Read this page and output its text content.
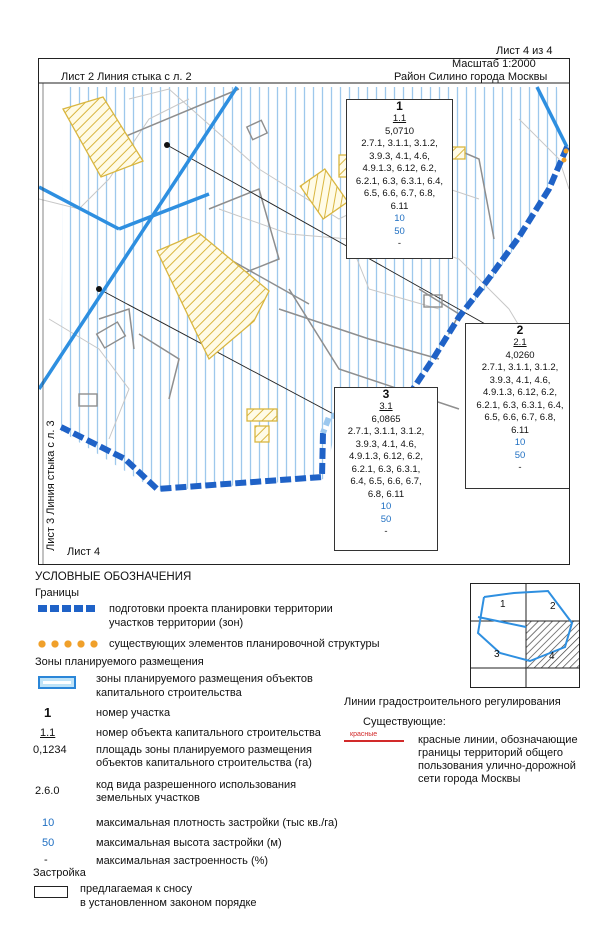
Лист 4 из 4
Масштаб 1:2000
Район Силино города Москвы
Лист 2 Линия стыка с л. 2
Лист 3 Линия стыка с л. 3
Лист 4
1
1.1
5,0710
2.7.1, 3.1.1, 3.1.2,
3.9.3, 4.1, 4.6,
4.9.1.3, 6.12, 6.2,
6.2.1, 6.3, 6.3.1, 6.4,
6.5, 6.6, 6.7, 6.8,
6.11
10
50
-
2
2.1
4,0260
2.7.1, 3.1.1, 3.1.2,
3.9.3, 4.1, 4.6,
4.9.1.3, 6.12, 6.2,
6.2.1, 6.3, 6.3.1, 6.4,
6.5, 6.6, 6.7, 6.8,
6.11
10
50
-
3
3.1
6,0865
2.7.1, 3.1.1, 3.1.2,
3.9.3, 4.1, 4.6,
4.9.1.3, 6.12, 6.2,
6.2.1, 6.3, 6.3.1,
6.4, 6.5, 6.6, 6.7,
6.8, 6.11
10
50
-
УСЛОВНЫЕ ОБОЗНАЧЕНИЯ
Границы
подготовки проекта планировки территории
участков территории (зон)
существующих элементов планировочной структуры
Зоны планируемого размещения
зоны планируемого размещения объектов
капитального строительства
1	номер участка
1.1	номер объекта капитального строительства
0,1234	площадь зоны планируемого размещения
объектов капитального строительства (га)
2.6.0	код вида разрешенного использования
земельных участков
10	максимальная плотность застройки (тыс кв./га)
50	максимальная высота застройки (м)
-	максимальная застроенность (%)
Застройка
предлагаемая к сносу
в установленном законом порядке
1	2
3	4
Линии градостроительного регулирования
Существующие:
красные	красные линии, обозначающие
границы территорий общего
пользования улично-дорожной
сети города Москвы
